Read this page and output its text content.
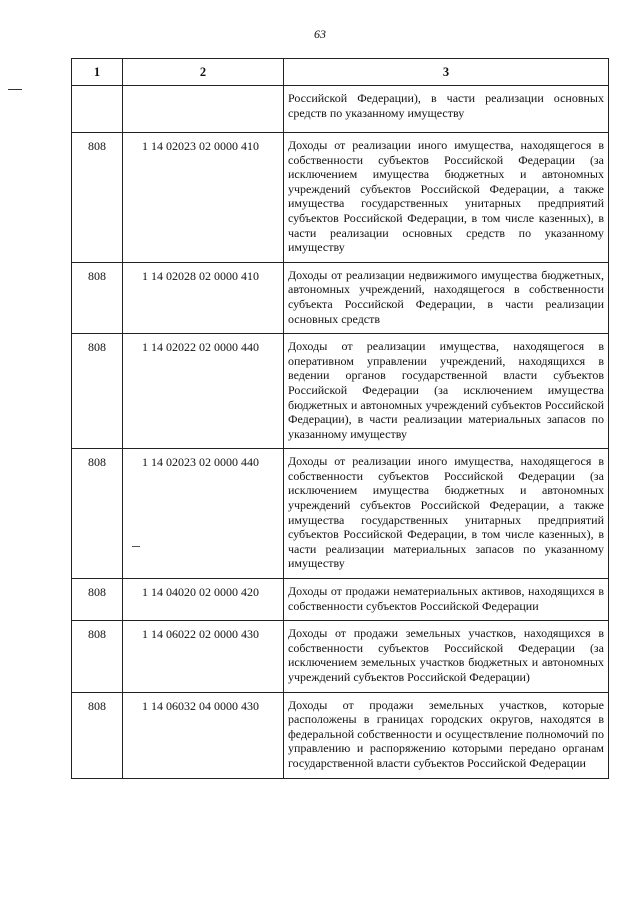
63
1	2	3
		Российской Федерации), в части реализации основных средств по указанному имуществу
808	1 14 02023 02 0000 410	Доходы от реализации иного имущества, находящегося в собственности субъектов Российской Федерации (за исключением имущества бюджетных и автономных учреждений субъектов Российской Федерации, а также имущества государственных унитарных предприятий субъектов Российской Федерации, в том числе казенных), в части реализации основных средств по указанному имуществу
808	1 14 02028 02 0000 410	Доходы от реализации недвижимого имущества бюджетных, автономных учреждений, находящегося в собственности субъекта Российской Федерации, в части реализации основных средств
808	1 14 02022 02 0000 440	Доходы от реализации имущества, находящегося в оперативном управлении учреждений, находящихся в ведении органов государственной власти субъектов Российской Федерации (за исключением имущества бюджетных и автономных учреждений субъектов Российской Федерации), в части реализации материальных запасов по указанному имуществу
808	1 14 02023 02 0000 440	Доходы от реализации иного имущества, находящегося в собственности субъектов Российской Федерации (за исключением имущества бюджетных и автономных учреждений субъектов Российской Федерации, а также имущества государственных унитарных предприятий субъектов Российской Федерации, в том числе казенных), в части реализации материальных запасов по указанному имуществу
808	1 14 04020 02 0000 420	Доходы от продажи нематериальных активов, находящихся в собственности субъектов Российской Федерации
808	1 14 06022 02 0000 430	Доходы от продажи земельных участков, находящихся в собственности субъектов Российской Федерации (за исключением земельных участков бюджетных и автономных учреждений субъектов Российской Федерации)
808	1 14 06032 04 0000 430	Доходы от продажи земельных участков, которые расположены в границах городских округов, находятся в федеральной собственности и осуществление полномочий по управлению и распоряжению которыми передано органам государственной власти субъектов Российской Федерации
